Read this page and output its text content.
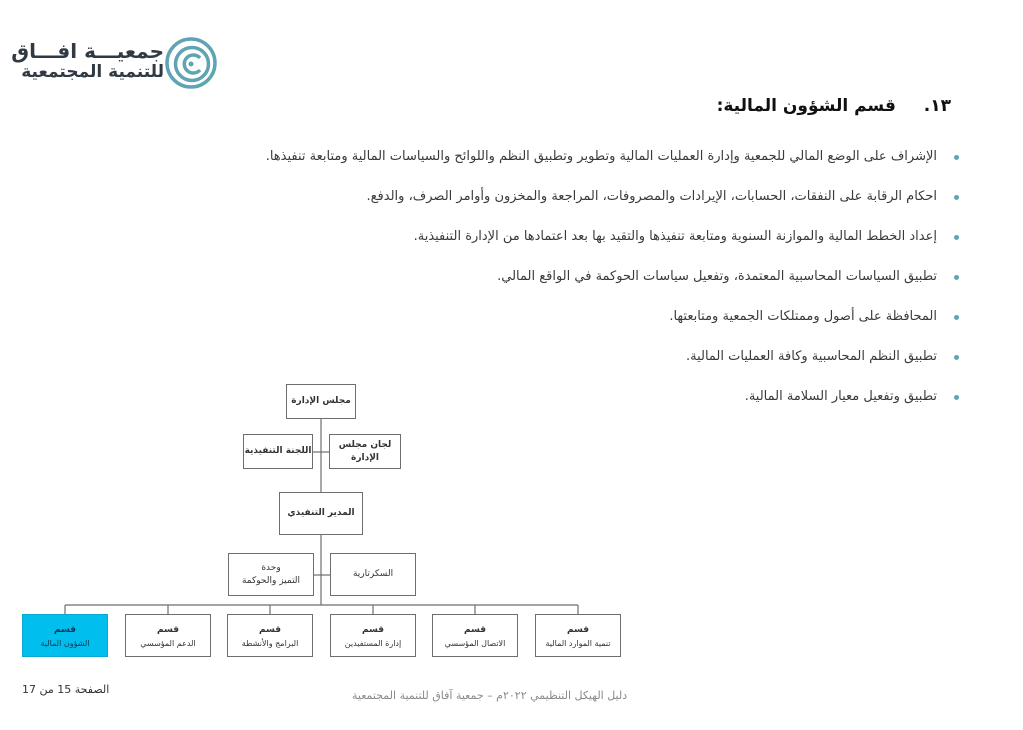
جمعيـــة افـــاق
للتنمية المجتمعية
١٣. قسم الشؤون المالية:
الإشراف على الوضع المالي للجمعية وإدارة العمليات المالية وتطوير وتطبيق النظم واللوائح والسياسات المالية ومتابعة تنفيذها.
احكام الرقابة على النفقات، الحسابات، الإيرادات والمصروفات، المراجعة والمخزون وأوامر الصرف، والدفع.
إعداد الخطط المالية والموازنة السنوية ومتابعة تنفيذها والتقيد بها بعد اعتمادها من الإدارة التنفيذية.
تطبيق السياسات المحاسبية المعتمدة، وتفعيل سياسات الحوكمة في الواقع المالي.
المحافظة على أصول وممتلكات الجمعية ومتابعتها.
تطبيق النظم المحاسبية وكافة العمليات المالية.
تطبيق وتفعيل معيار السلامة المالية.
مجلس الإدارة
اللجنة التنفيذية
لجان مجلس
الإدارة
المدير التنفيذي
وحدة
التميز والحوكمة
السكرتارية
قسم
الشؤون المالية
قسم
الدعم المؤسسي
قسم
البرامج والأنشطة
قسم
إدارة المستفيدين
قسم
الاتصال المؤسسي
قسم
تنمية الموارد المالية
الصفحة 15 من 17	دليل الهيكل التنظيمي ٢٠٢٢م – جمعية آفاق للتنمية المجتمعية
